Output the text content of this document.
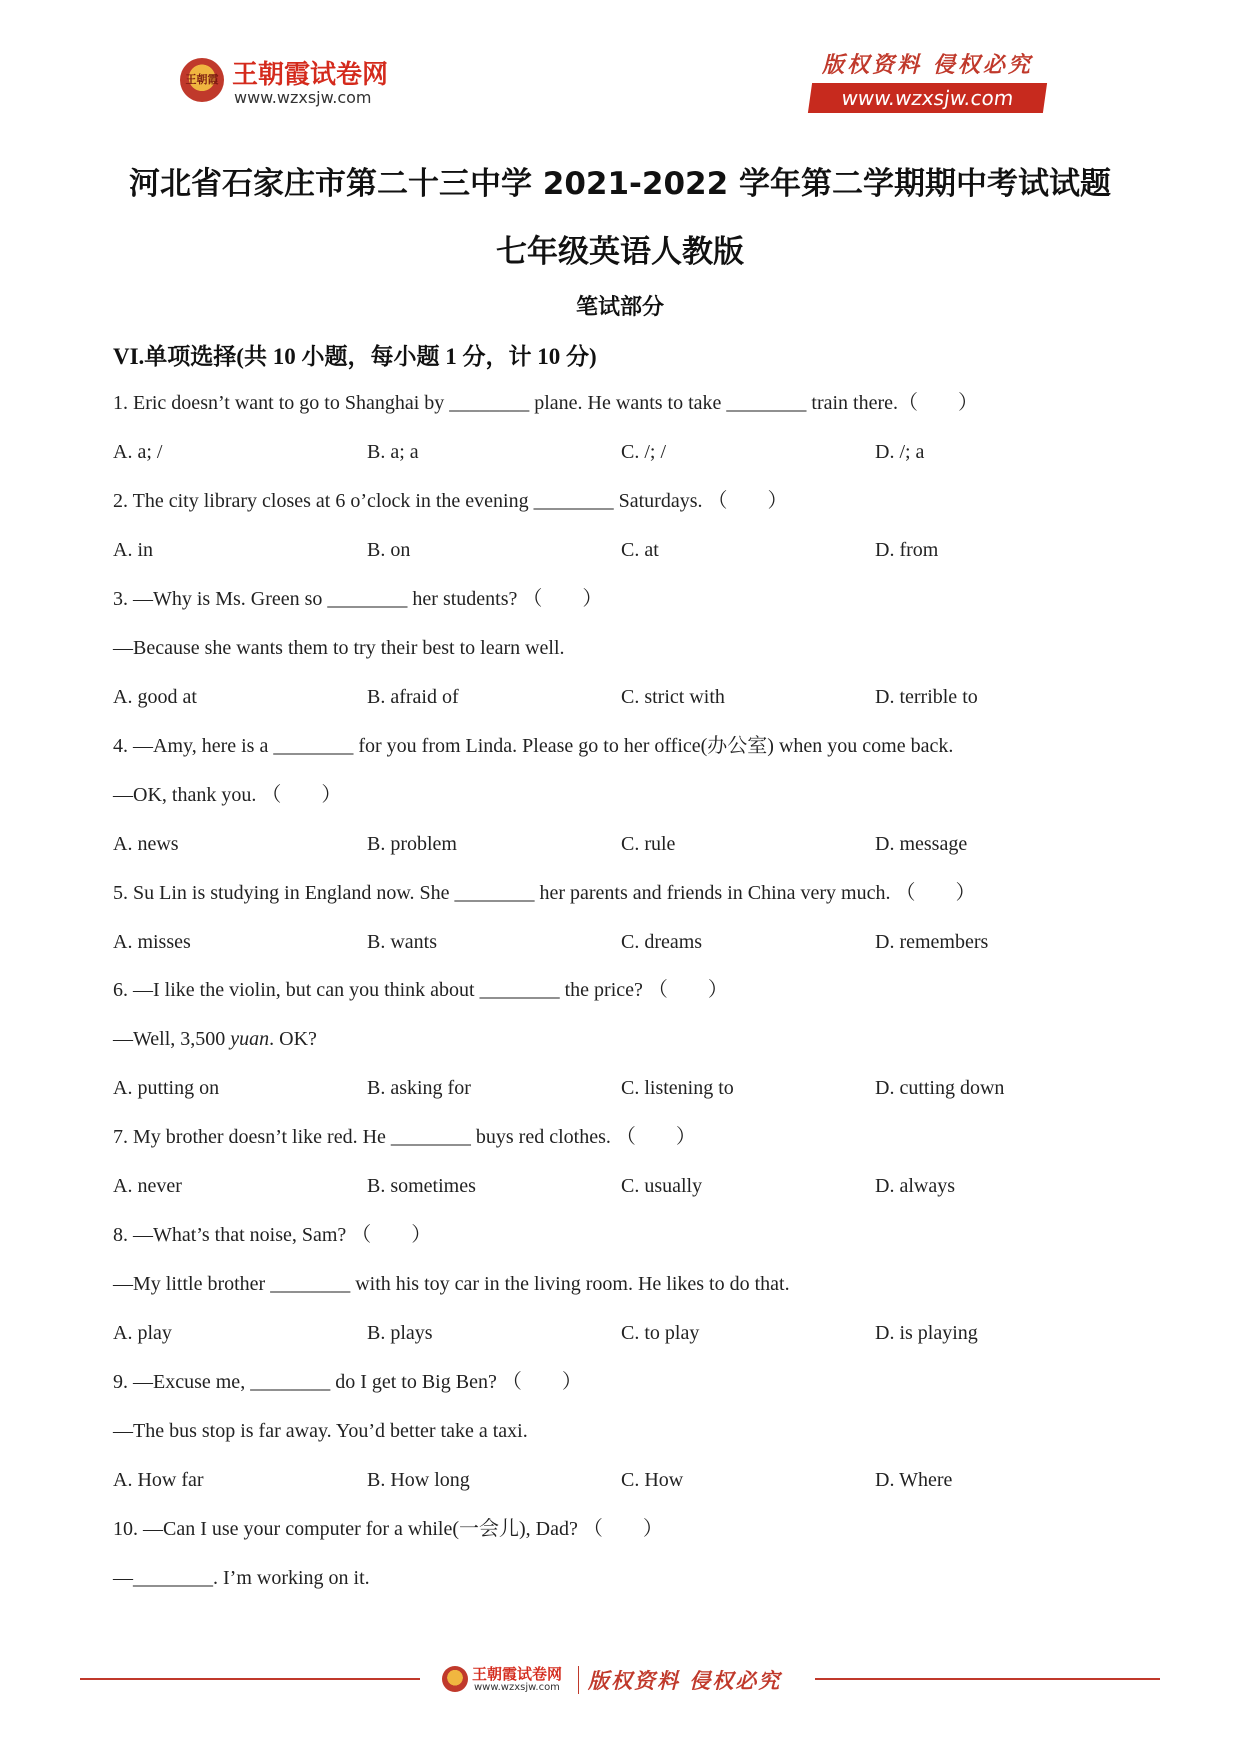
王朝霞 王朝霞试卷网
www.wzxsjw.com
版权资料 侵权必究
www.wzxsjw.com
河北省石家庄市第二十三中学 2021-2022 学年第二学期期中考试试题
七年级英语人教版
笔试部分
VI.单项选择(共 10 小题，每小题 1 分，计 10 分)
1. Eric doesn’t want to go to Shanghai by ________ plane. He wants to take ________ train there.（　　）
A. a; /	B. a; a	C. /; /	D. /; a
2. The city library closes at 6 o’clock in the evening ________ Saturdays. （　　）
A. in	B. on	C. at	D. from
3. —Why is Ms. Green so ________ her students? （　　）
—Because she wants them to try their best to learn well.
A. good at	B. afraid of	C. strict with	D. terrible to
4. —Amy, here is a ________ for you from Linda. Please go to her office(办公室) when you come back.
—OK, thank you. （　　）
A. news	B. problem	C. rule	D. message
5. Su Lin is studying in England now. She ________ her parents and friends in China very much. （　　）
A. misses	B. wants	C. dreams	D. remembers
6. —I like the violin, but can you think about ________ the price? （　　）
—Well, 3,500 yuan. OK?
A. putting on	B. asking for	C. listening to	D. cutting down
7. My brother doesn’t like red. He ________ buys red clothes. （　　）
A. never	B. sometimes	C. usually	D. always
8. —What’s that noise, Sam? （　　）
—My little brother ________ with his toy car in the living room. He likes to do that.
A. play	B. plays	C. to play	D. is playing
9. —Excuse me, ________ do I get to Big Ben? （　　）
—The bus stop is far away. You’d better take a taxi.
A. How far	B. How long	C. How	D. Where
10. —Can I use your computer for a while(一会儿), Dad? （　　）
—________. I’m working on it.
王朝霞试卷网
www.wzxsjw.com 版权资料 侵权必究
